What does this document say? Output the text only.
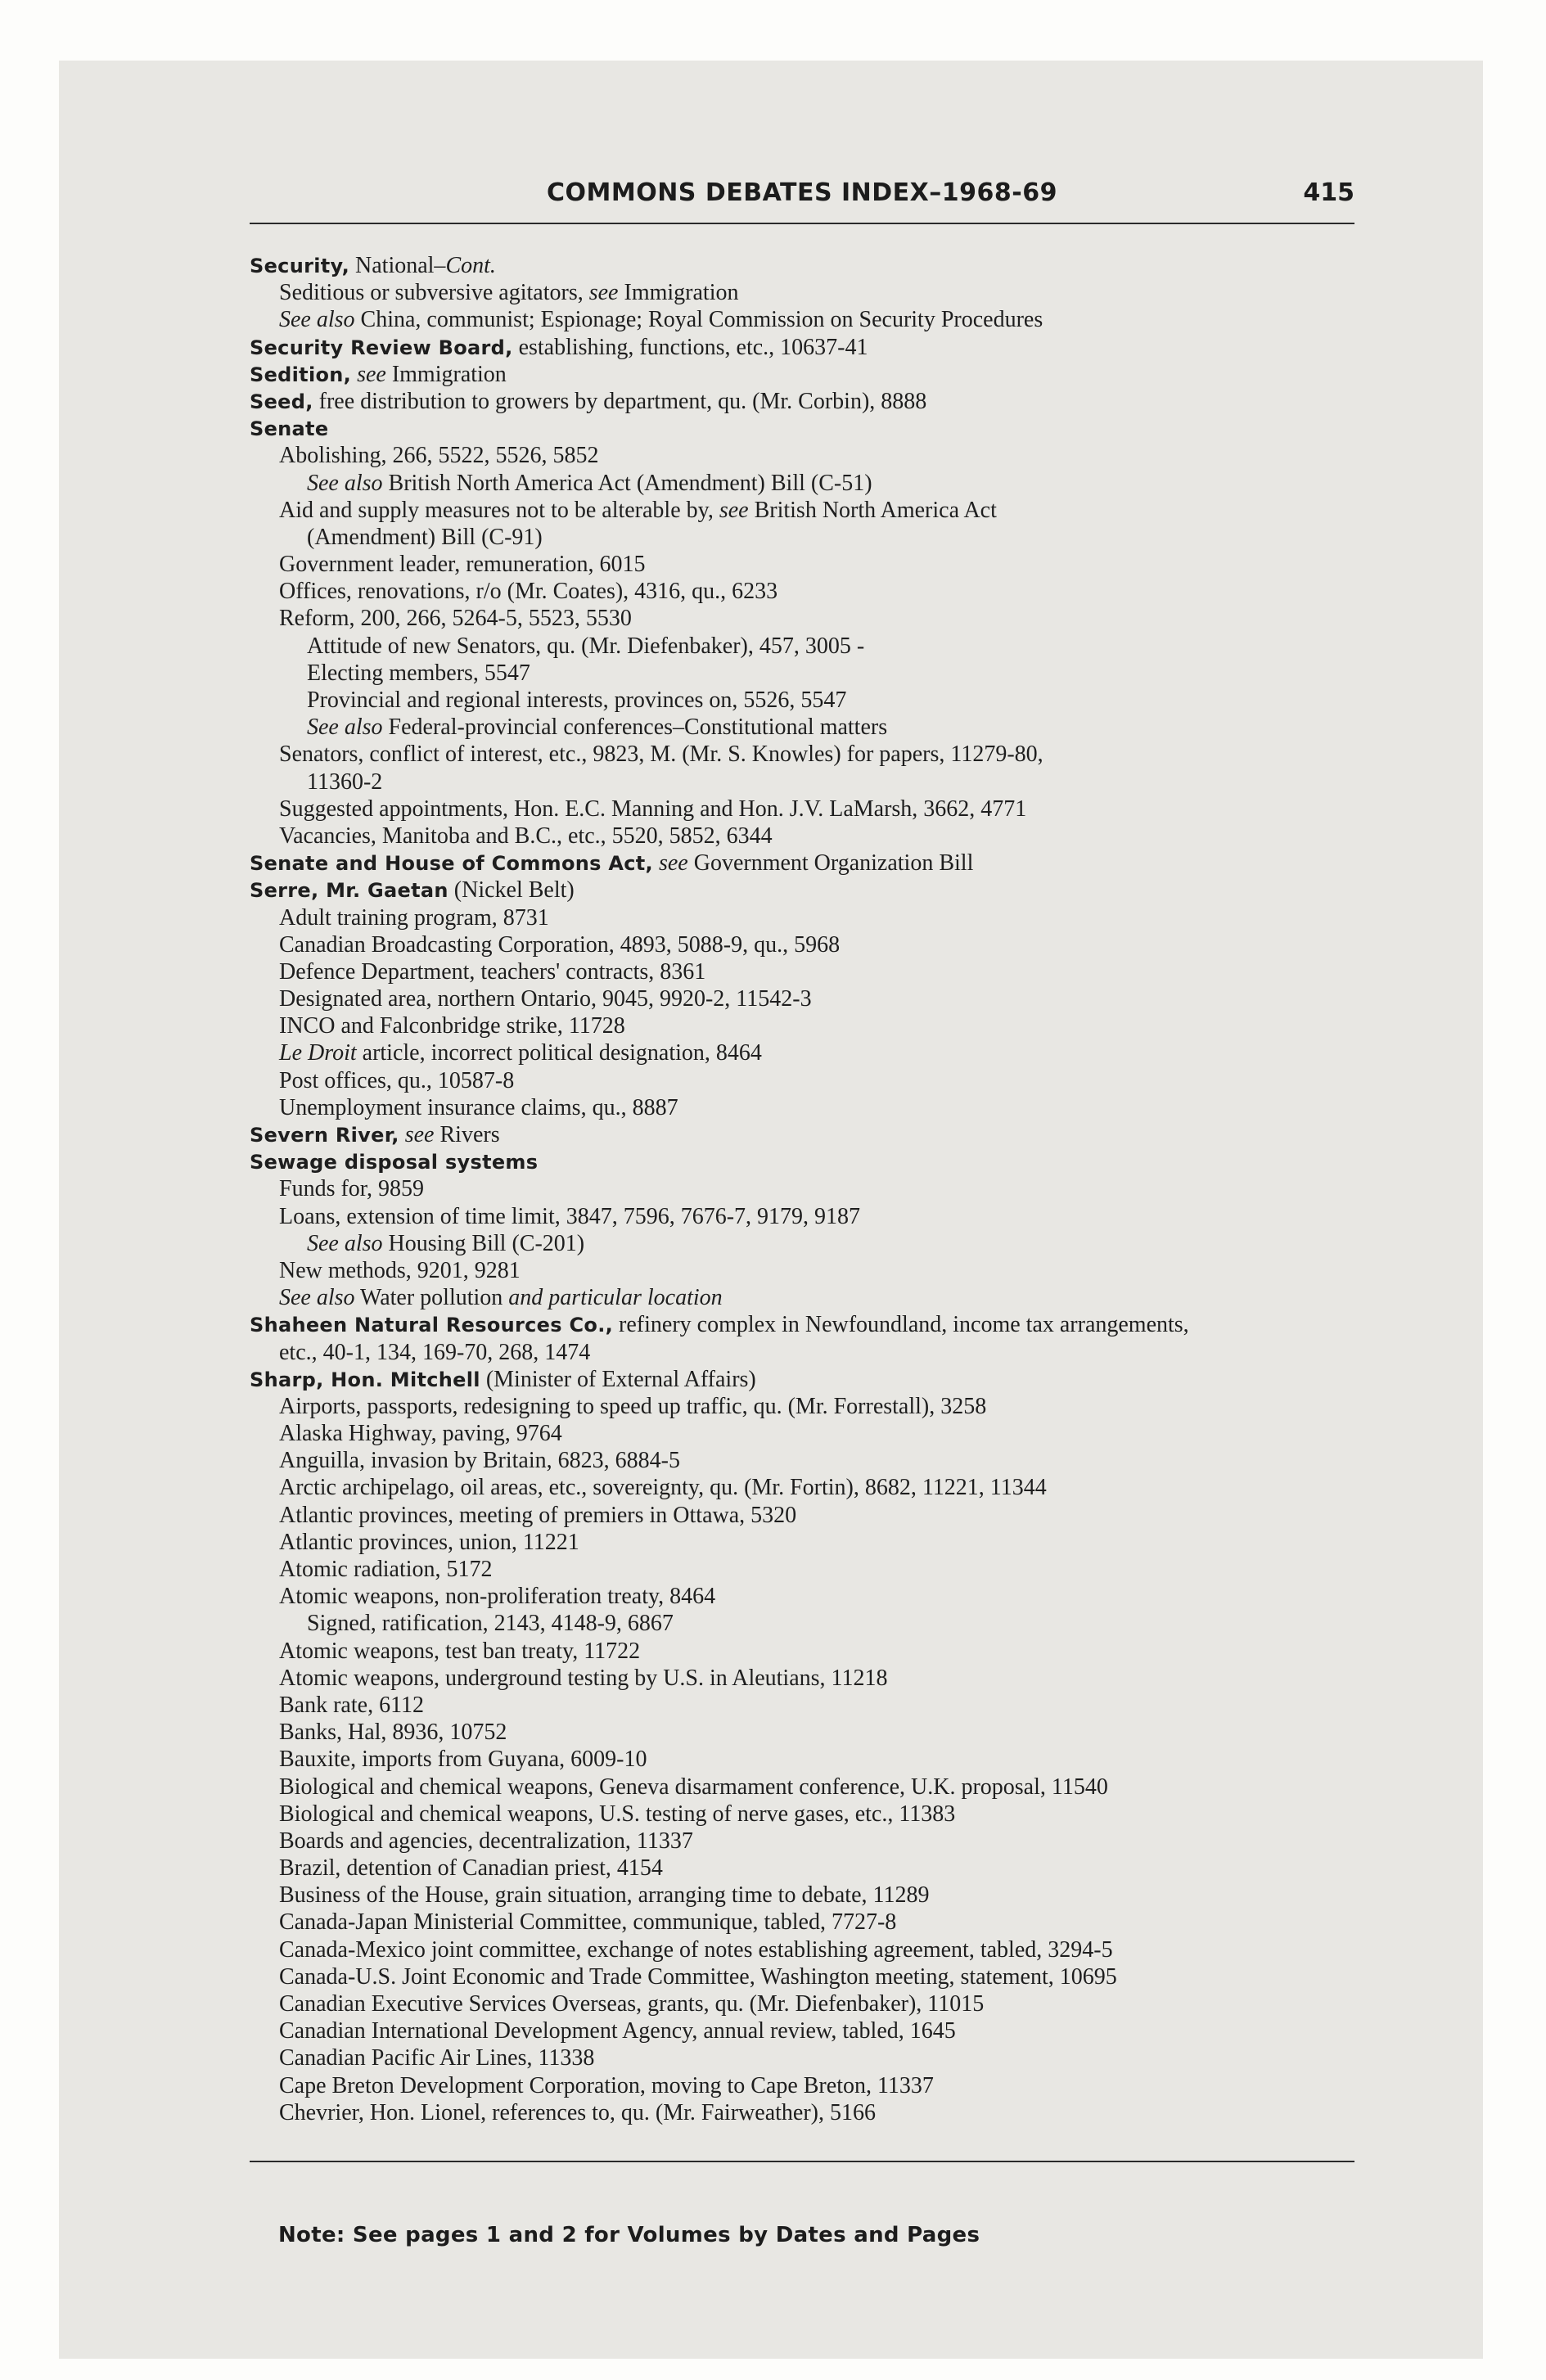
COMMONS DEBATES INDEX–1968-69	415
Security, National–Cont.
Seditious or subversive agitators, see Immigration
See also China, communist; Espionage; Royal Commission on Security Procedures
Security Review Board, establishing, functions, etc., 10637-41
Sedition, see Immigration
Seed, free distribution to growers by department, qu. (Mr. Corbin), 8888
Senate
Abolishing, 266, 5522, 5526, 5852
See also British North America Act (Amendment) Bill (C-51)
Aid and supply measures not to be alterable by, see British North America Act
(Amendment) Bill (C-91)
Government leader, remuneration, 6015
Offices, renovations, r/o (Mr. Coates), 4316, qu., 6233
Reform, 200, 266, 5264-5, 5523, 5530
Attitude of new Senators, qu. (Mr. Diefenbaker), 457, 3005 -
Electing members, 5547
Provincial and regional interests, provinces on, 5526, 5547
See also Federal-provincial conferences–Constitutional matters
Senators, conflict of interest, etc., 9823, M. (Mr. S. Knowles) for papers, 11279-80,
11360-2
Suggested appointments, Hon. E.C. Manning and Hon. J.V. LaMarsh, 3662, 4771
Vacancies, Manitoba and B.C., etc., 5520, 5852, 6344
Senate and House of Commons Act, see Government Organization Bill
Serre, Mr. Gaetan (Nickel Belt)
Adult training program, 8731
Canadian Broadcasting Corporation, 4893, 5088-9, qu., 5968
Defence Department, teachers' contracts, 8361
Designated area, northern Ontario, 9045, 9920-2, 11542-3
INCO and Falconbridge strike, 11728
Le Droit article, incorrect political designation, 8464
Post offices, qu., 10587-8
Unemployment insurance claims, qu., 8887
Severn River, see Rivers
Sewage disposal systems
Funds for, 9859
Loans, extension of time limit, 3847, 7596, 7676-7, 9179, 9187
See also Housing Bill (C-201)
New methods, 9201, 9281
See also Water pollution and particular location
Shaheen Natural Resources Co., refinery complex in Newfoundland, income tax arrangements,
etc., 40-1, 134, 169-70, 268, 1474
Sharp, Hon. Mitchell (Minister of External Affairs)
Airports, passports, redesigning to speed up traffic, qu. (Mr. Forrestall), 3258
Alaska Highway, paving, 9764
Anguilla, invasion by Britain, 6823, 6884-5
Arctic archipelago, oil areas, etc., sovereignty, qu. (Mr. Fortin), 8682, 11221, 11344
Atlantic provinces, meeting of premiers in Ottawa, 5320
Atlantic provinces, union, 11221
Atomic radiation, 5172
Atomic weapons, non-proliferation treaty, 8464
Signed, ratification, 2143, 4148-9, 6867
Atomic weapons, test ban treaty, 11722
Atomic weapons, underground testing by U.S. in Aleutians, 11218
Bank rate, 6112
Banks, Hal, 8936, 10752
Bauxite, imports from Guyana, 6009-10
Biological and chemical weapons, Geneva disarmament conference, U.K. proposal, 11540
Biological and chemical weapons, U.S. testing of nerve gases, etc., 11383
Boards and agencies, decentralization, 11337
Brazil, detention of Canadian priest, 4154
Business of the House, grain situation, arranging time to debate, 11289
Canada-Japan Ministerial Committee, communique, tabled, 7727-8
Canada-Mexico joint committee, exchange of notes establishing agreement, tabled, 3294-5
Canada-U.S. Joint Economic and Trade Committee, Washington meeting, statement, 10695
Canadian Executive Services Overseas, grants, qu. (Mr. Diefenbaker), 11015
Canadian International Development Agency, annual review, tabled, 1645
Canadian Pacific Air Lines, 11338
Cape Breton Development Corporation, moving to Cape Breton, 11337
Chevrier, Hon. Lionel, references to, qu. (Mr. Fairweather), 5166
Note: See pages 1 and 2 for Volumes by Dates and Pages
